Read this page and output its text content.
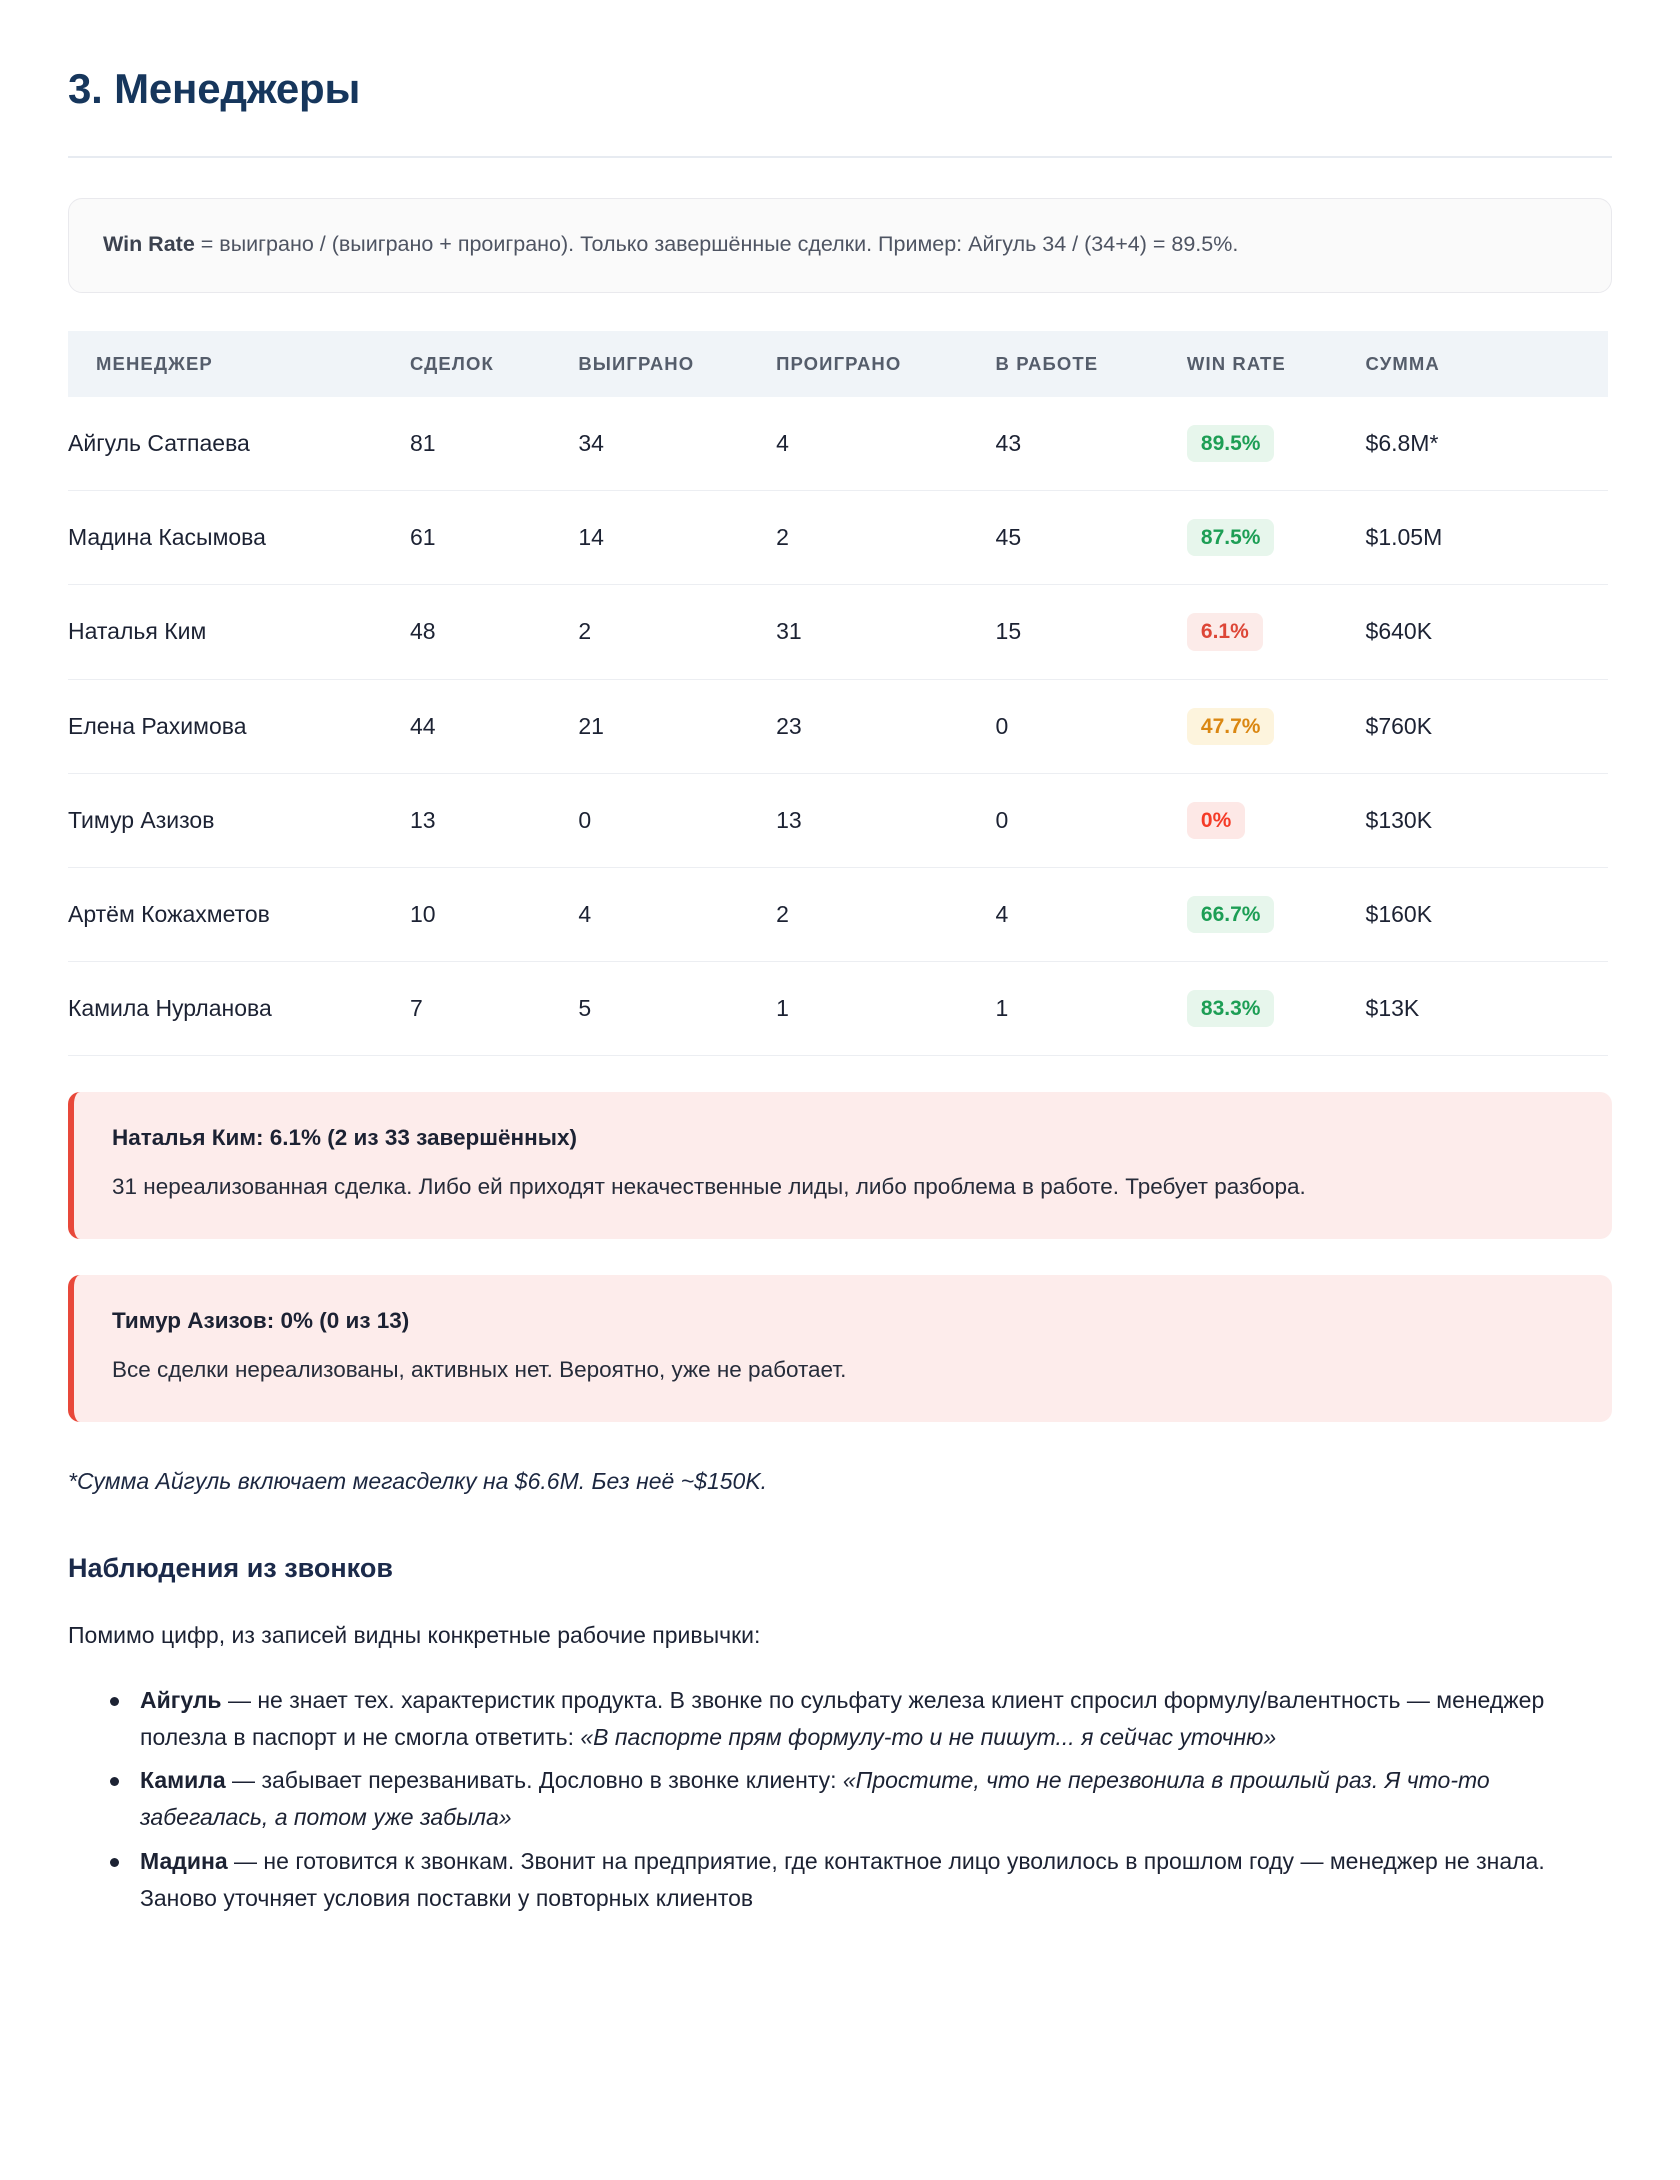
3. Менеджеры
Win Rate = выиграно / (выиграно + проиграно). Только завершённые сделки. Пример: Айгуль 34 / (34+4) = 89.5%.
МЕНЕДЖЕР	СДЕЛОК	ВЫИГРАНО	ПРОИГРАНО	В РАБОТЕ	WIN RATE	СУММА
Айгуль Сатпаева	81	34	4	43	89.5%	$6.8M*
Мадина Касымова	61	14	2	45	87.5%	$1.05M
Наталья Ким	48	2	31	15	6.1%	$640K
Елена Рахимова	44	21	23	0	47.7%	$760K
Тимур Азизов	13	0	13	0	0%	$130K
Артём Кожахметов	10	4	2	4	66.7%	$160K
Камила Нурланова	7	5	1	1	83.3%	$13K
Наталья Ким: 6.1% (2 из 33 завершённых)
31 нереализованная сделка. Либо ей приходят некачественные лиды, либо проблема в работе. Требует разбора.
Тимур Азизов: 0% (0 из 13)
Все сделки нереализованы, активных нет. Вероятно, уже не работает.

*Сумма Айгуль включает мегасделку на $6.6M. Без неё ~$150K.

Наблюдения из звонков

Помимо цифр, из записей видны конкретные рабочие привычки:

Айгуль — не знает тех. характеристик продукта. В звонке по сульфату железа клиент спросил формулу/валентность — менеджер полезла в паспорт и не смогла ответить: «В паспорте прям формулу-то и не пишут... я сейчас уточню»
Камила — забывает перезванивать. Дословно в звонке клиенту: «Простите, что не перезвонила в прошлый раз. Я что-то забегалась, а потом уже забыла»
Мадина — не готовится к звонкам. Звонит на предприятие, где контактное лицо уволилось в прошлом году — менеджер не знала. Заново уточняет условия поставки у повторных клиентов
